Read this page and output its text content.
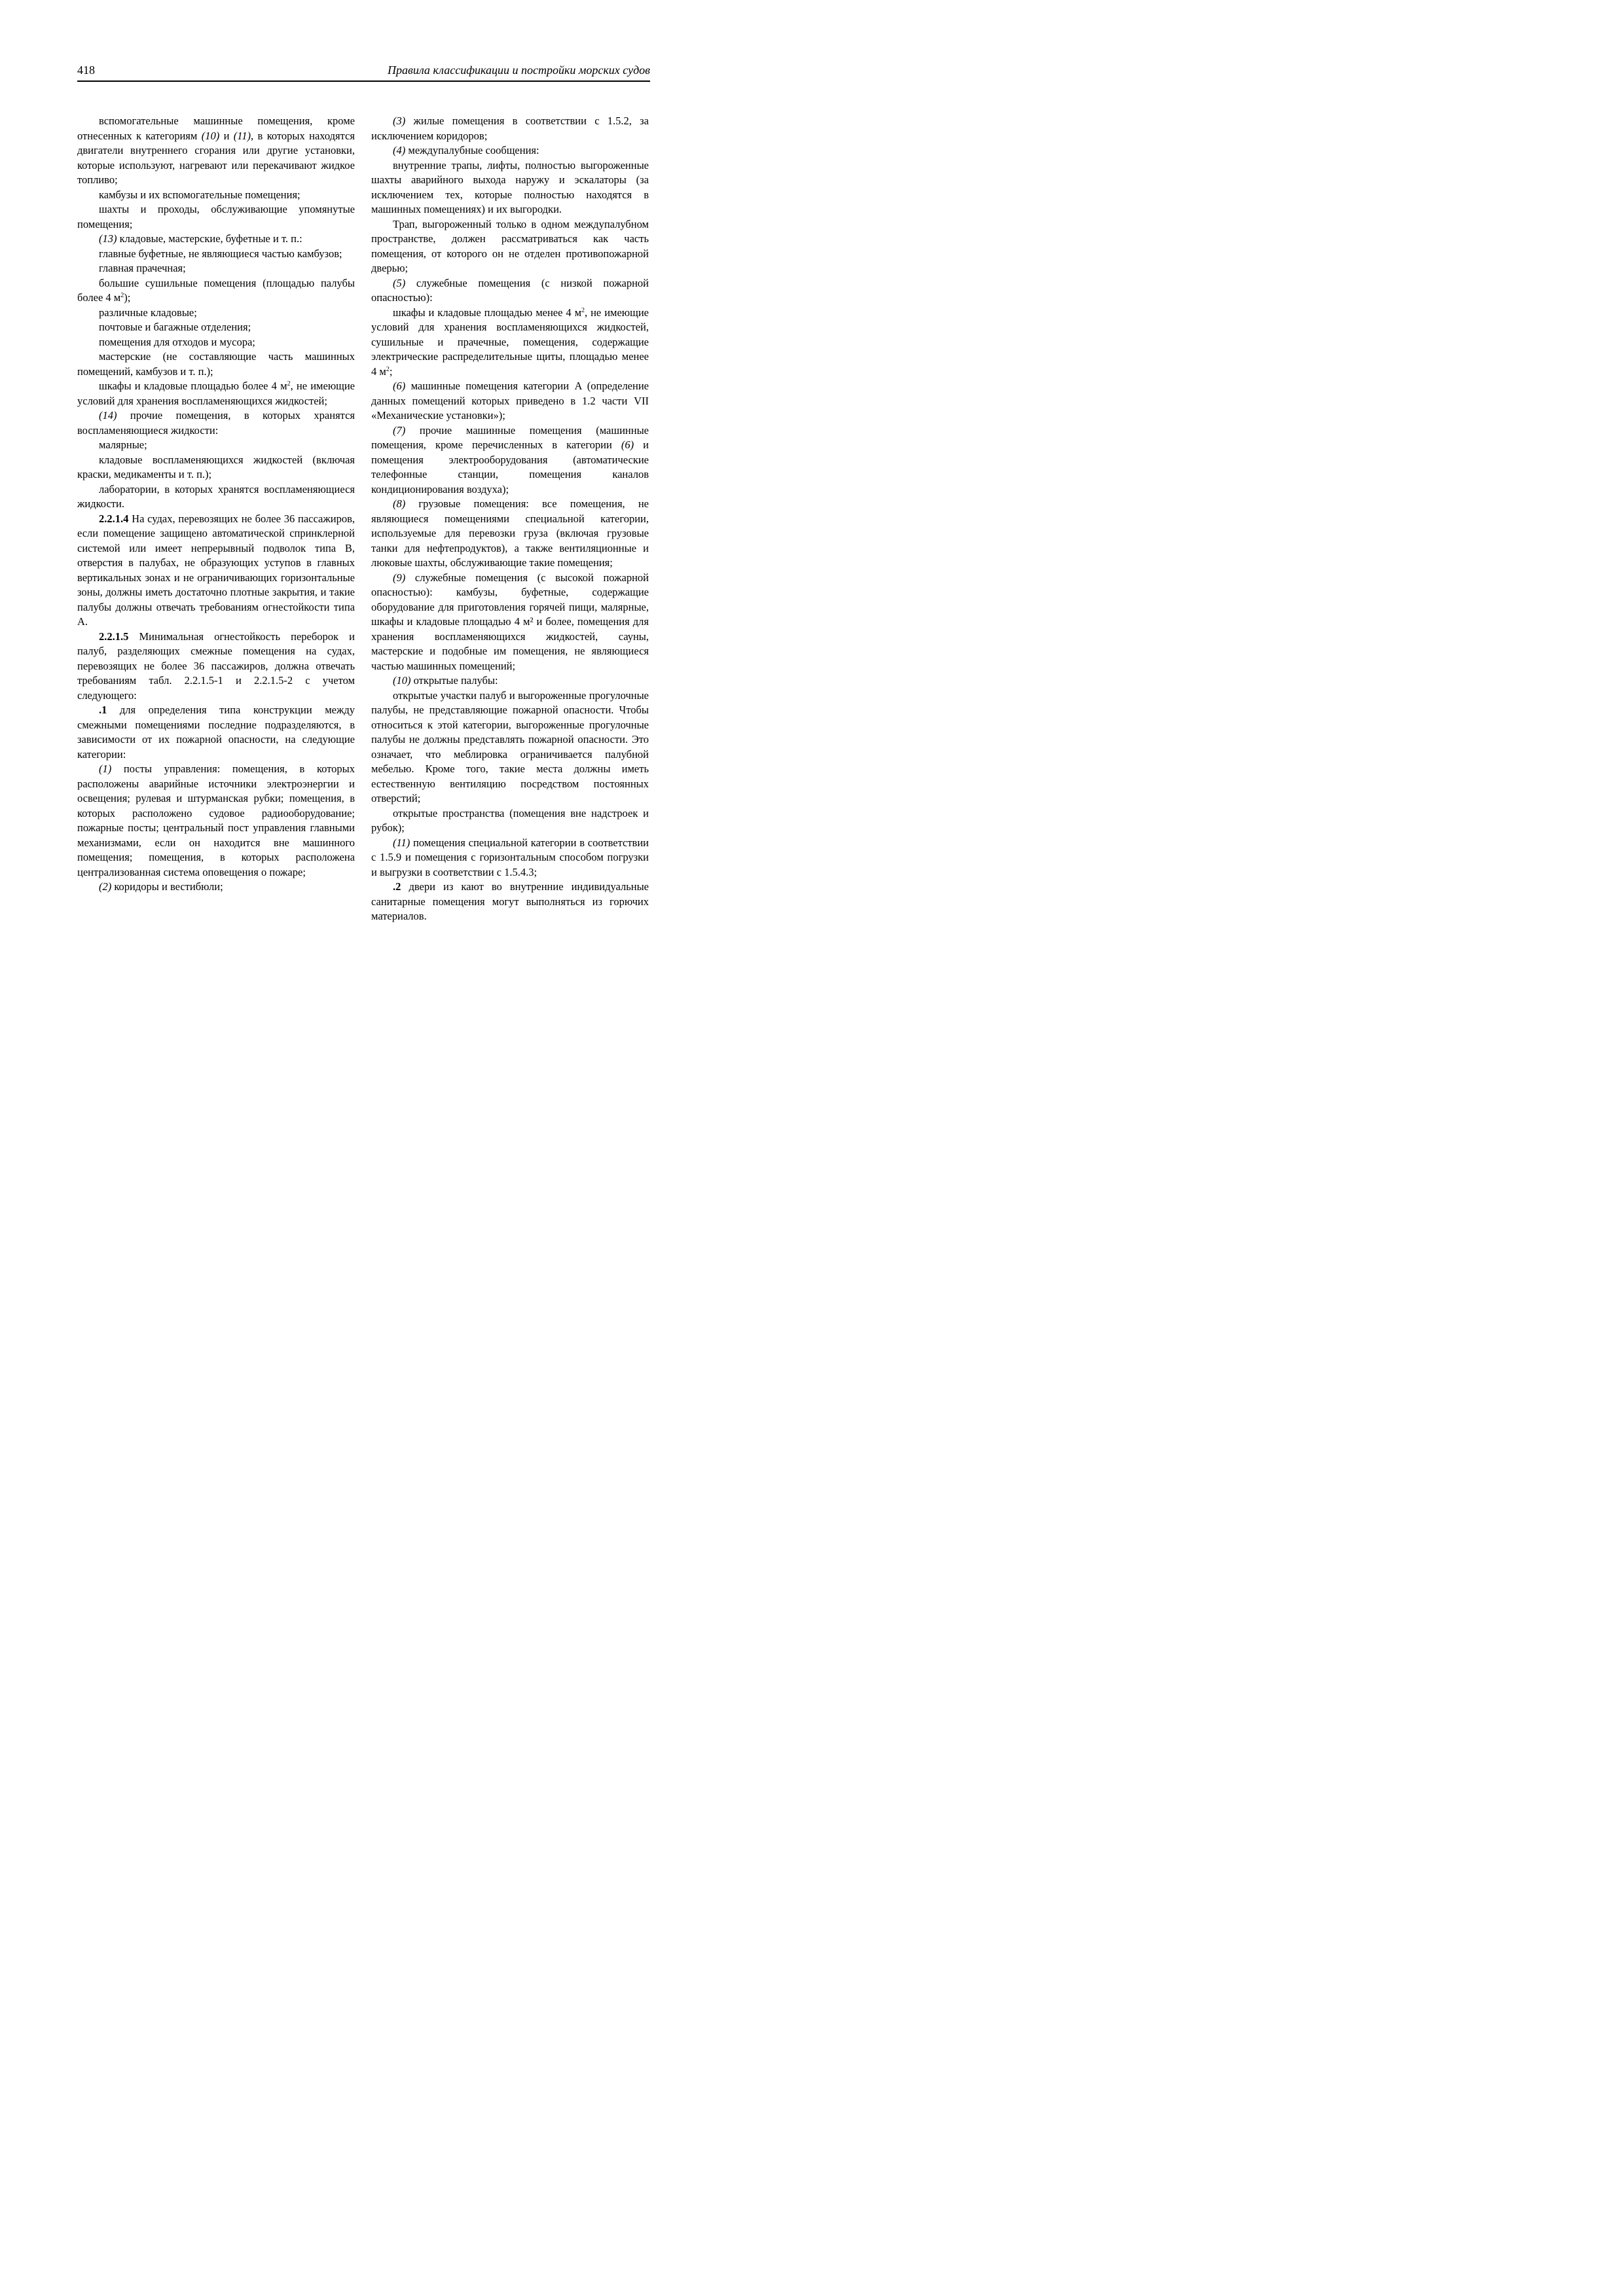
418	Правила классификации и постройки морских судов

вспомогательные машинные помещения, кроме отнесенных к категориям (10) и (11), в которых находятся двигатели внутреннего сгорания или другие установки, которые используют, нагревают или перекачивают жидкое топливо;

камбузы и их вспомогательные помещения;

шахты и проходы, обслуживающие упомянутые помещения;

(13) кладовые, мастерские, буфетные и т. п.:

главные буфетные, не являющиеся частью камбузов;

главная прачечная;

большие сушильные помещения (площадью палубы более 4 $м^2$);

различные кладовые;

почтовые и багажные отделения;

помещения для отходов и мусора;

мастерские (не составляющие часть машинных помещений, камбузов и т. п.);

шкафы и кладовые площадью более 4 $м^2$, не имеющие условий для хранения воспламеняющихся жидкостей;

(14) прочие помещения, в которых хранятся воспламеняющиеся жидкости:

малярные;

кладовые воспламеняющихся жидкостей (включая краски, медикаменты и т. п.);

лаборатории, в которых хранятся воспламеняющиеся жидкости.

2.2.1.4 На судах, перевозящих не более 36 пассажиров, если помещение защищено автоматической спринклерной системой или имеет непрерывный подволок типа B, отверстия в палубах, не образующих уступов в главных вертикальных зонах и не ограничивающих горизонтальные зоны, должны иметь достаточно плотные закрытия, и такие палубы должны отвечать требованиям огнестойкости типа A.

2.2.1.5 Минимальная огнестойкость переборок и палуб, разделяющих смежные помещения на судах, перевозящих не более 36 пассажиров, должна отвечать требованиям табл. 2.2.1.5-1 и 2.2.1.5-2 с учетом следующего:

.1 для определения типа конструкции между смежными помещениями последние подразделяются, в зависимости от их пожарной опасности, на следующие категории:

(1) посты управления: помещения, в которых расположены аварийные источники электроэнергии и освещения; рулевая и штурманская рубки; помещения, в которых расположено судовое радиооборудование; пожарные посты; центральный пост управления главными механизмами, если он находится вне машинного помещения; помещения, в которых расположена централизованная система оповещения о пожаре;

(2) коридоры и вестибюли;

(3) жилые помещения в соответствии с 1.5.2, за исключением коридоров;

(4) междупалубные сообщения:

внутренние трапы, лифты, полностью выгороженные шахты аварийного выхода наружу и эскалаторы (за исключением тех, которые полностью находятся в машинных помещениях) и их выгородки.

Трап, выгороженный только в одном междупалубном пространстве, должен рассматриваться как часть помещения, от которого он не отделен противопожарной дверью;

(5) служебные помещения (с низкой пожарной опасностью):

шкафы и кладовые площадью менее 4 $м^2$, не имеющие условий для хранения воспламеняющихся жидкостей, сушильные и прачечные, помещения, содержащие электрические распределительные щиты, площадью менее 4 $м^2$;

(6) машинные помещения категории A (определение данных помещений которых приведено в 1.2 части VII «Механические установки»);

(7) прочие машинные помещения (машинные помещения, кроме перечисленных в категории (6) и помещения электрооборудования (автоматические телефонные станции, помещения каналов кондиционирования воздуха);

(8) грузовые помещения: все помещения, не являющиеся помещениями специальной категории, используемые для перевозки груза (включая грузовые танки для нефтепродуктов), а также вентиляционные и люковые шахты, обслуживающие такие помещения;

(9) служебные помещения (с высокой пожарной опасностью): камбузы, буфетные, содержащие оборудование для приготовления горячей пищи, малярные, шкафы и кладовые площадью 4 м² и более, помещения для хранения воспламеняющихся жидкостей, сауны, мастерские и подобные им помещения, не являющиеся частью машинных помещений;

(10) открытые палубы:

открытые участки палуб и выгороженные прогулочные палубы, не представляющие пожарной опасности. Чтобы относиться к этой категории, выгороженные прогулочные палубы не должны представлять пожарной опасности. Это означает, что меблировка ограничивается палубной мебелью. Кроме того, такие места должны иметь естественную вентиляцию посредством постоянных отверстий;

открытые пространства (помещения вне надстроек и рубок);

(11) помещения специальной категории в соответствии с 1.5.9 и помещения с горизонтальным способом погрузки и выгрузки в соответствии с 1.5.4.3;

.2 двери из кают во внутренние индивидуальные санитарные помещения могут выполняться из горючих материалов.
